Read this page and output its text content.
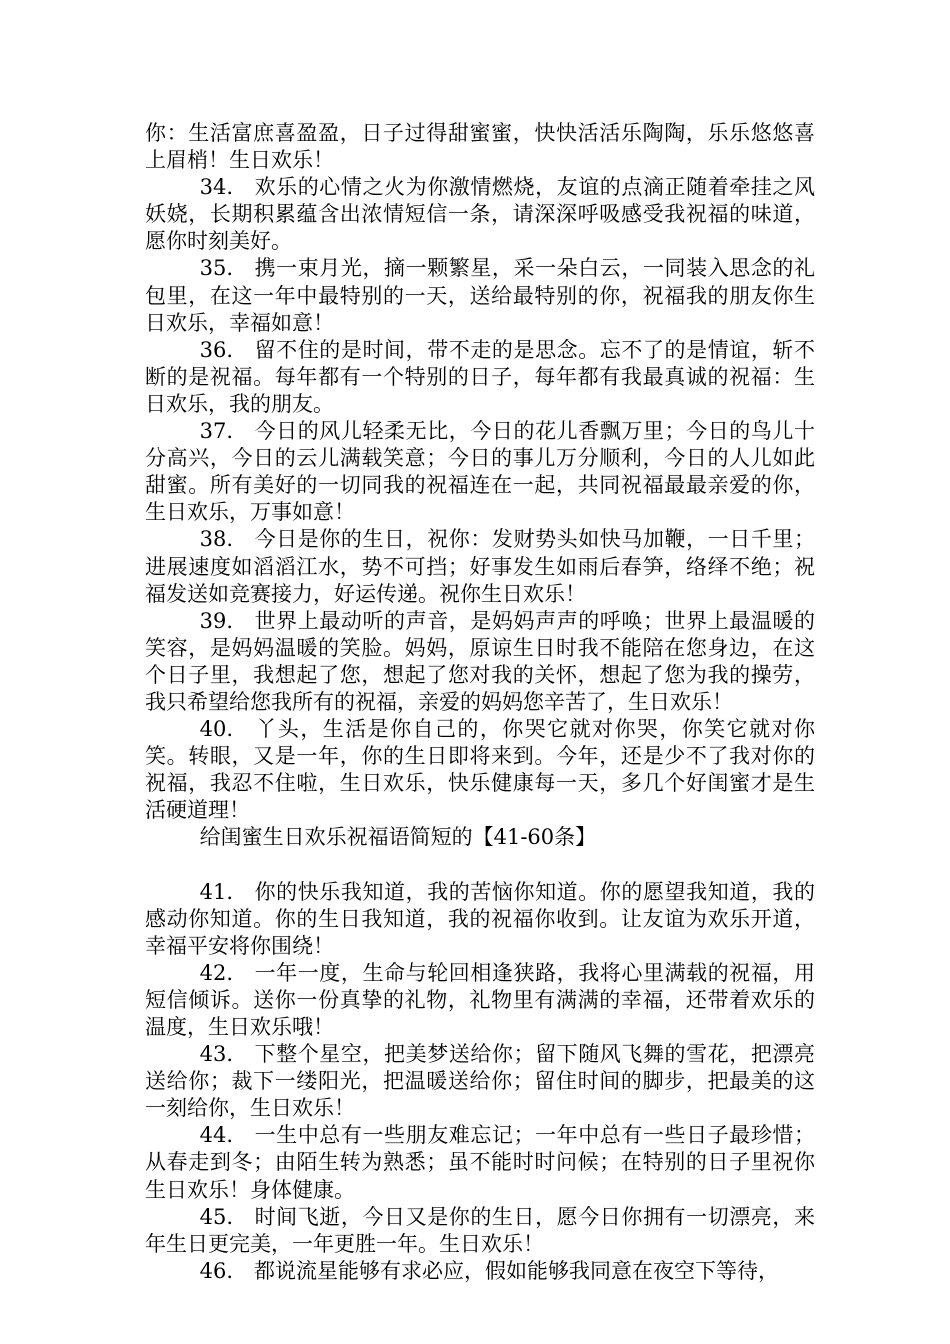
你：生活富庶喜盈盈，日子过得甜蜜蜜，快快活活乐陶陶，乐乐悠悠喜上眉梢！生日欢乐！

34.  欢乐的心情之火为你激情燃烧，友谊的点滴正随着牵挂之风妖娆，长期积累蕴含出浓情短信一条，请深深呼吸感受我祝福的味道，愿你时刻美好。

35.  携一束月光，摘一颗繁星，采一朵白云，一同装入思念的礼包里，在这一年中最特别的一天，送给最特别的你，祝福我的朋友你生日欢乐，幸福如意！

36.  留不住的是时间，带不走的是思念。忘不了的是情谊，斩不断的是祝福。每年都有一个特别的日子，每年都有我最真诚的祝福：生日欢乐，我的朋友。

37.  今日的风儿轻柔无比，今日的花儿香飘万里；今日的鸟儿十分高兴，今日的云儿满载笑意；今日的事儿万分顺利，今日的人儿如此甜蜜。所有美好的一切同我的祝福连在一起，共同祝福最最亲爱的你，生日欢乐，万事如意！

38.  今日是你的生日，祝你：发财势头如快马加鞭，一日千里；进展速度如滔滔江水，势不可挡；好事发生如雨后春笋，络绎不绝；祝福发送如竞赛接力，好运传递。祝你生日欢乐！

39.  世界上最动听的声音，是妈妈声声的呼唤；世界上最温暖的笑容，是妈妈温暖的笑脸。妈妈，原谅生日时我不能陪在您身边，在这个日子里，我想起了您，想起了您对我的关怀，想起了您为我的操劳，我只希望给您我所有的祝福，亲爱的妈妈您辛苦了，生日欢乐！

40.  丫头，生活是你自己的，你哭它就对你哭，你笑它就对你笑。转眼，又是一年，你的生日即将来到。今年，还是少不了我对你的祝福，我忍不住啦，生日欢乐，快乐健康每一天，多几个好闺蜜才是生活硬道理！

给闺蜜生日欢乐祝福语简短的【41-60条】

41.  你的快乐我知道，我的苦恼你知道。你的愿望我知道，我的感动你知道。你的生日我知道，我的祝福你收到。让友谊为欢乐开道，幸福平安将你围绕！

42.  一年一度，生命与轮回相逢狭路，我将心里满载的祝福，用短信倾诉。送你一份真挚的礼物，礼物里有满满的幸福，还带着欢乐的温度，生日欢乐哦！

43.  下整个星空，把美梦送给你；留下随风飞舞的雪花，把漂亮送给你；裁下一缕阳光，把温暖送给你；留住时间的脚步，把最美的这一刻给你，生日欢乐！

44.  一生中总有一些朋友难忘记；一年中总有一些日子最珍惜；从春走到冬；由陌生转为熟悉；虽不能时时问候；在特别的日子里祝你生日欢乐！身体健康。

45.  时间飞逝，今日又是你的生日，愿今日你拥有一切漂亮，来年生日更完美，一年更胜一年。生日欢乐！

46.  都说流星能够有求必应，假如能够我同意在夜空下等待，
